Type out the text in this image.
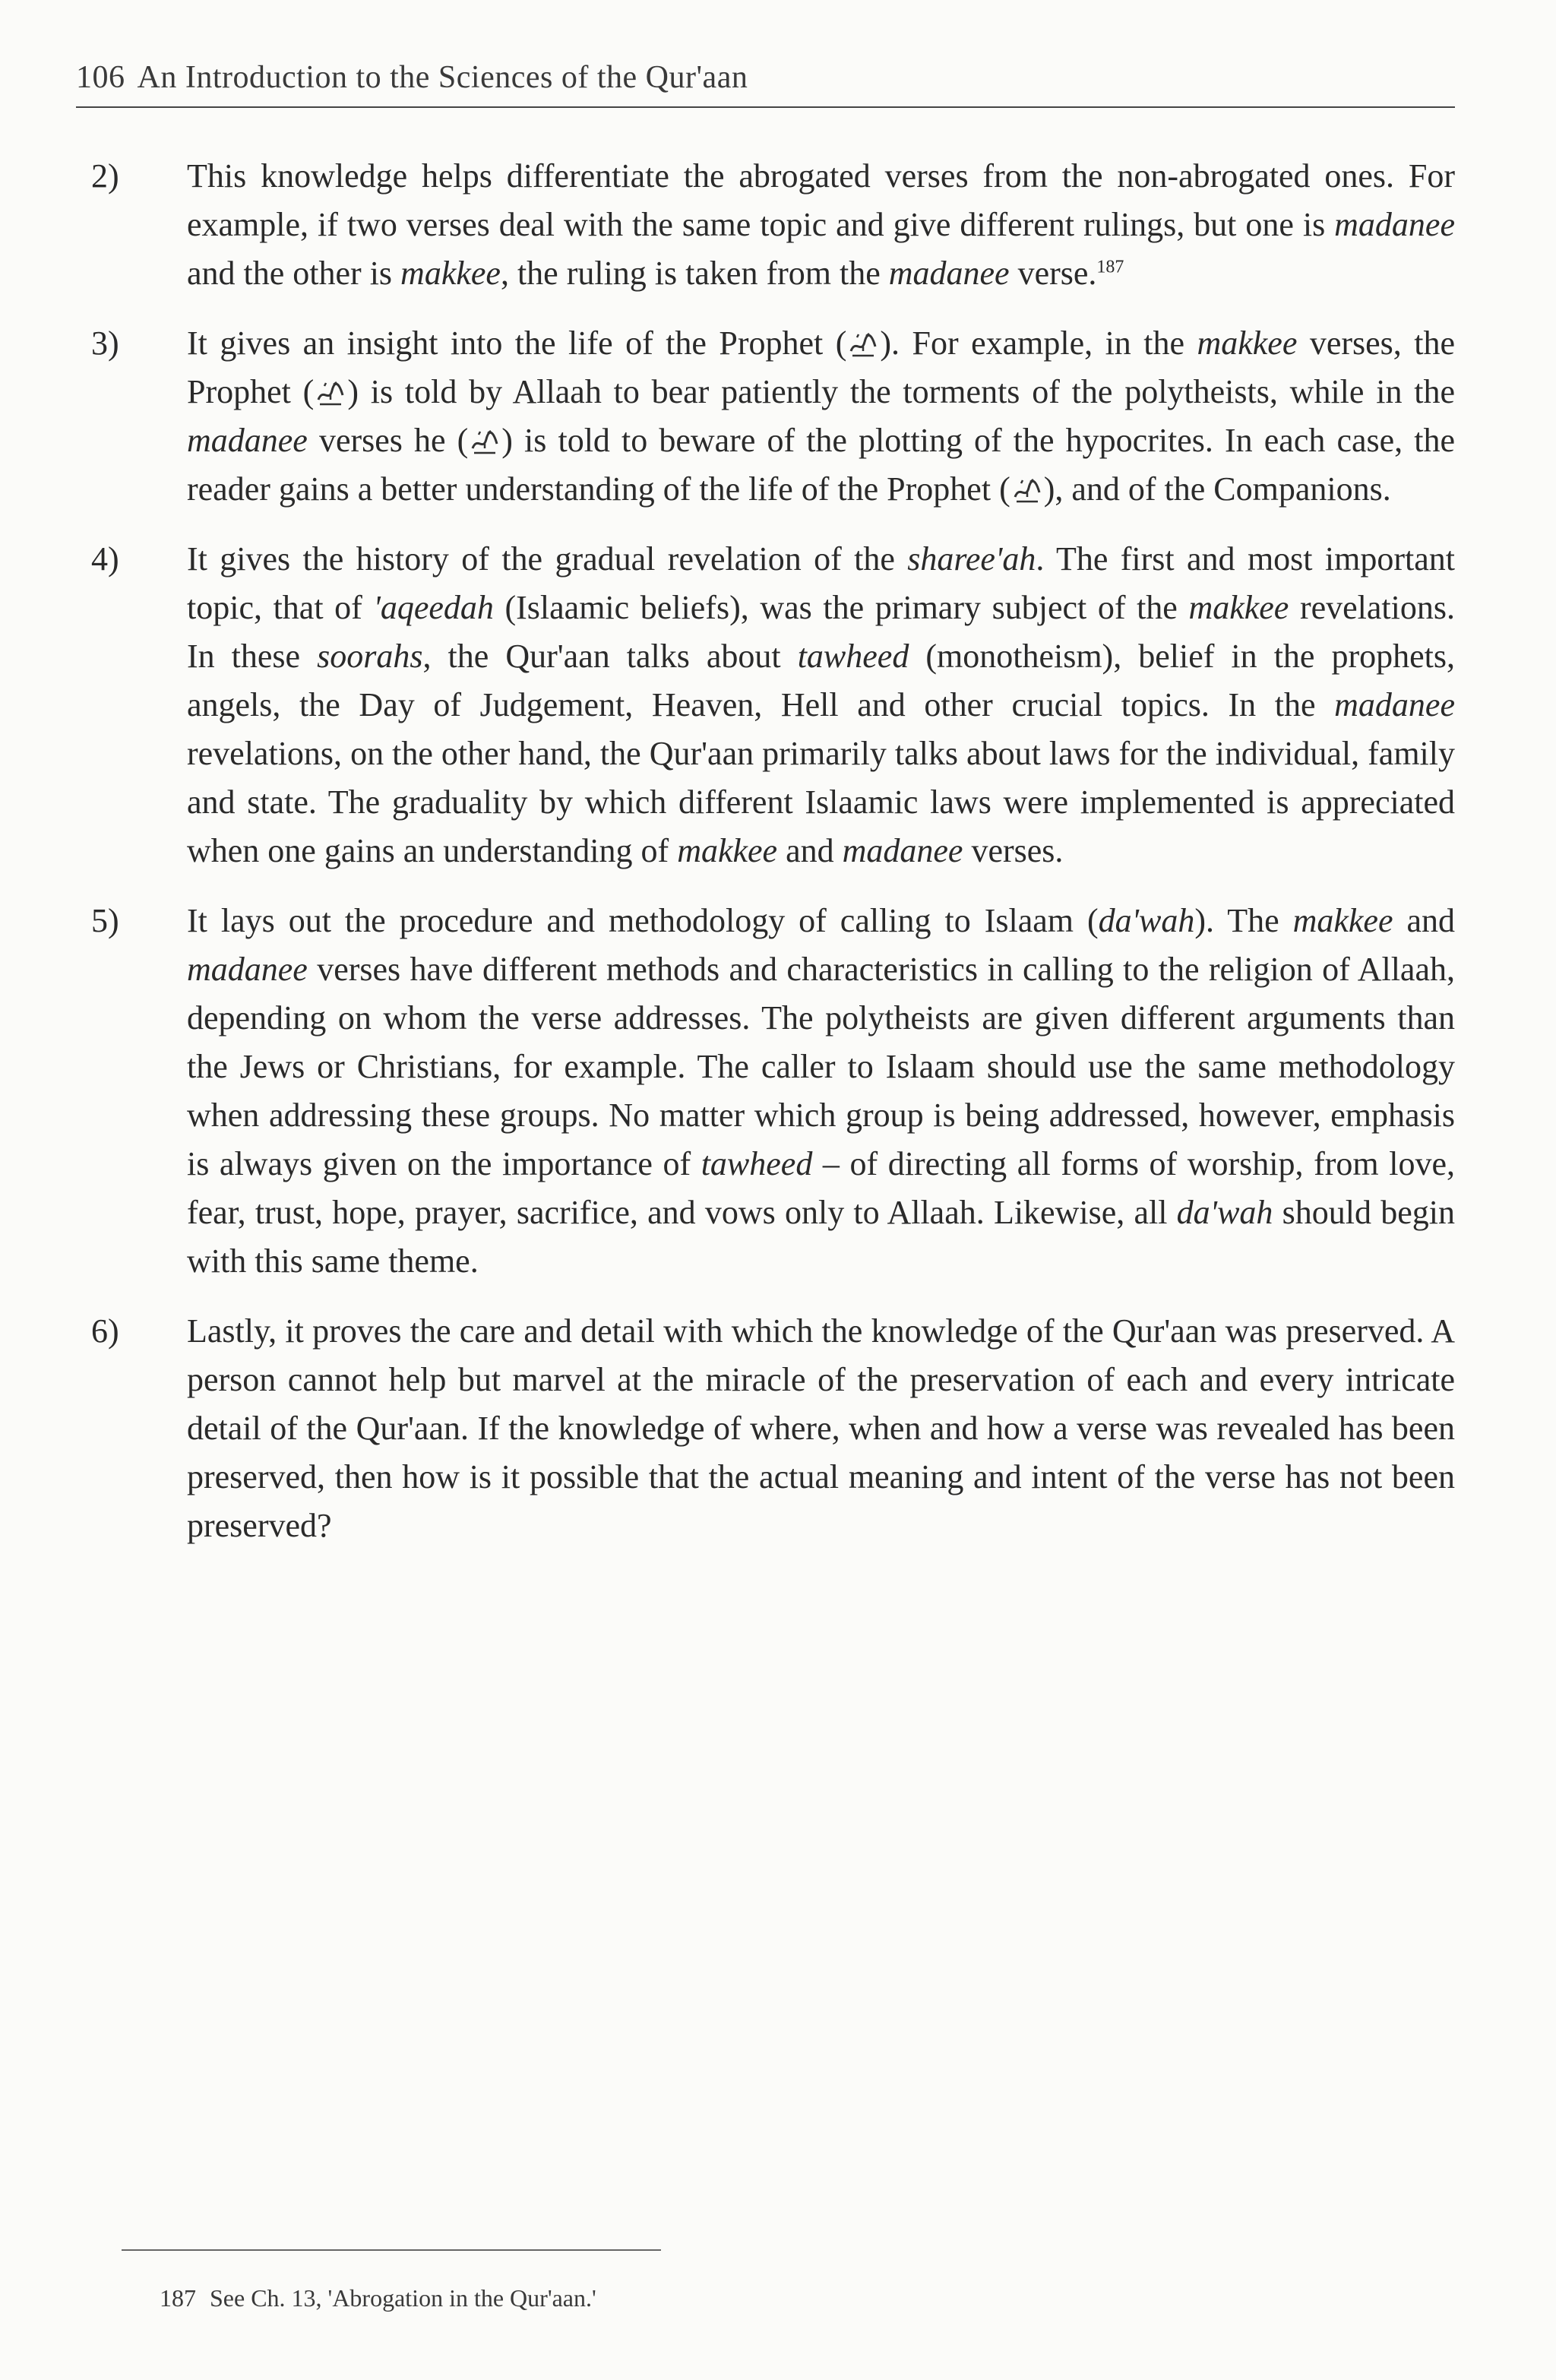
106 An Introduction to the Sciences of the Qur'aan
2)	This knowledge helps differentiate the abrogated verses from the non-abrogated ones. For example, if two verses deal with the same topic and give different rulings, but one is madanee and the other is makkee, the ruling is taken from the madanee verse.$^{187}$
3)	It gives an insight into the life of the Prophet ( ). For example, in the makkee verses, the Prophet ( ) is told by Allaah to bear patiently the torments of the polytheists, while in the madanee verses he ( ) is told to beware of the plotting of the hypocrites. In each case, the reader gains a better understanding of the life of the Prophet ( ), and of the Companions.
4)	It gives the history of the gradual revelation of the sharee'ah. The first and most important topic, that of 'aqeedah (Islaamic beliefs), was the primary subject of the makkee revelations. In these soorahs, the Qur'aan talks about tawheed (monotheism), belief in the prophets, angels, the Day of Judgement, Heaven, Hell and other crucial topics. In the madanee revelations, on the other hand, the Qur'aan primarily talks about laws for the individual, family and state. The graduality by which different Islaamic laws were implemented is appreciated when one gains an understanding of makkee and madanee verses.
5)	It lays out the procedure and methodology of calling to Islaam (da'wah). The makkee and madanee verses have different methods and characteristics in calling to the religion of Allaah, depending on whom the verse addresses. The polytheists are given different arguments than the Jews or Christians, for example. The caller to Islaam should use the same methodology when addressing these groups. No matter which group is being addressed, however, emphasis is always given on the importance of tawheed – of directing all forms of worship, from love, fear, trust, hope, prayer, sacrifice, and vows only to Allaah. Likewise, all da'wah should begin with this same theme.
6)	Lastly, it proves the care and detail with which the knowledge of the Qur'aan was preserved. A person cannot help but marvel at the miracle of the preservation of each and every intricate detail of the Qur'aan. If the knowledge of where, when and how a verse was revealed has been preserved, then how is it possible that the actual meaning and intent of the verse has not been preserved?
187 See Ch. 13, 'Abrogation in the Qur'aan.'
